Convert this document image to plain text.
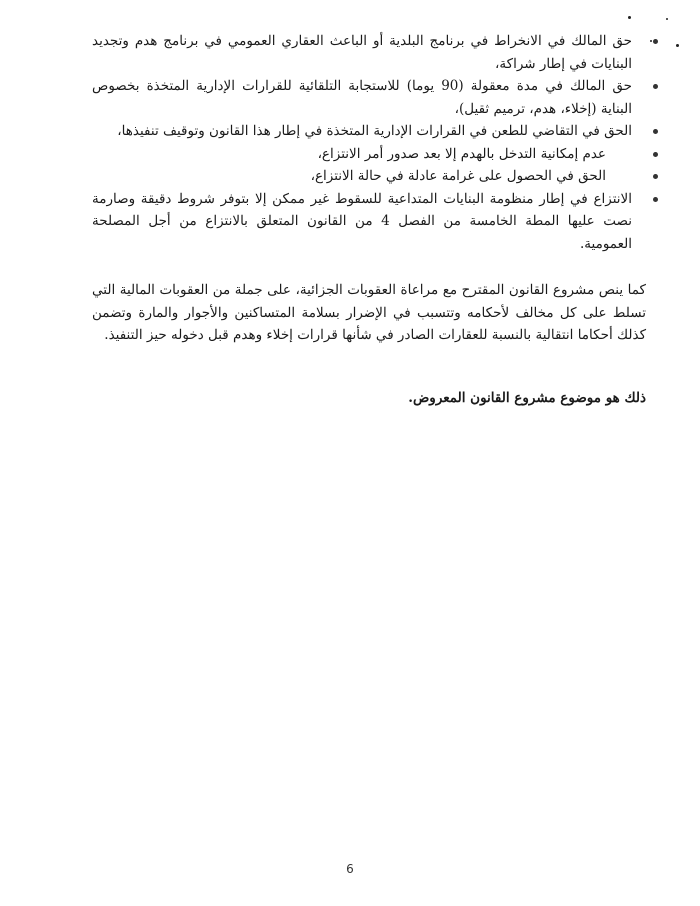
حق المالك في الانخراط في برنامج البلدية أو الباعث العقاري العمومي في برنامج هدم وتجديد البنايات في إطار شراكة،
حق المالك في مدة معقولة (90 يوما) للاستجابة التلقائية للقرارات الإدارية المتخذة بخصوص البناية (إخلاء، هدم، ترميم ثقيل)،
الحق في التقاضي للطعن في القرارات الإدارية المتخذة في إطار هذا القانون وتوقيف تنفيذها،
عدم إمكانية التدخل بالهدم إلا بعد صدور أمر الانتزاع،
الحق في الحصول على غرامة عادلة في حالة الانتزاع،
الانتزاع في إطار منظومة البنايات المتداعية للسقوط غير ممكن إلا بتوفر شروط دقيقة وصارمة نصت عليها المطة الخامسة من الفصل 4 من القانون المتعلق بالانتزاع من أجل المصلحة العمومية.

كما ينص مشروع القانون المقترح مع مراعاة العقوبات الجزائية، على جملة من العقوبات المالية التي تسلط على كل مخالف لأحكامه وتتسبب في الإضرار بسلامة المتساكنين والأجوار والمارة وتضمن كذلك أحكاما انتقالية بالنسبة للعقارات الصادر في شأنها قرارات إخلاء وهدم قبل دخوله حيز التنفيذ.

ذلك هو موضوع مشروع القانون المعروض.

6
